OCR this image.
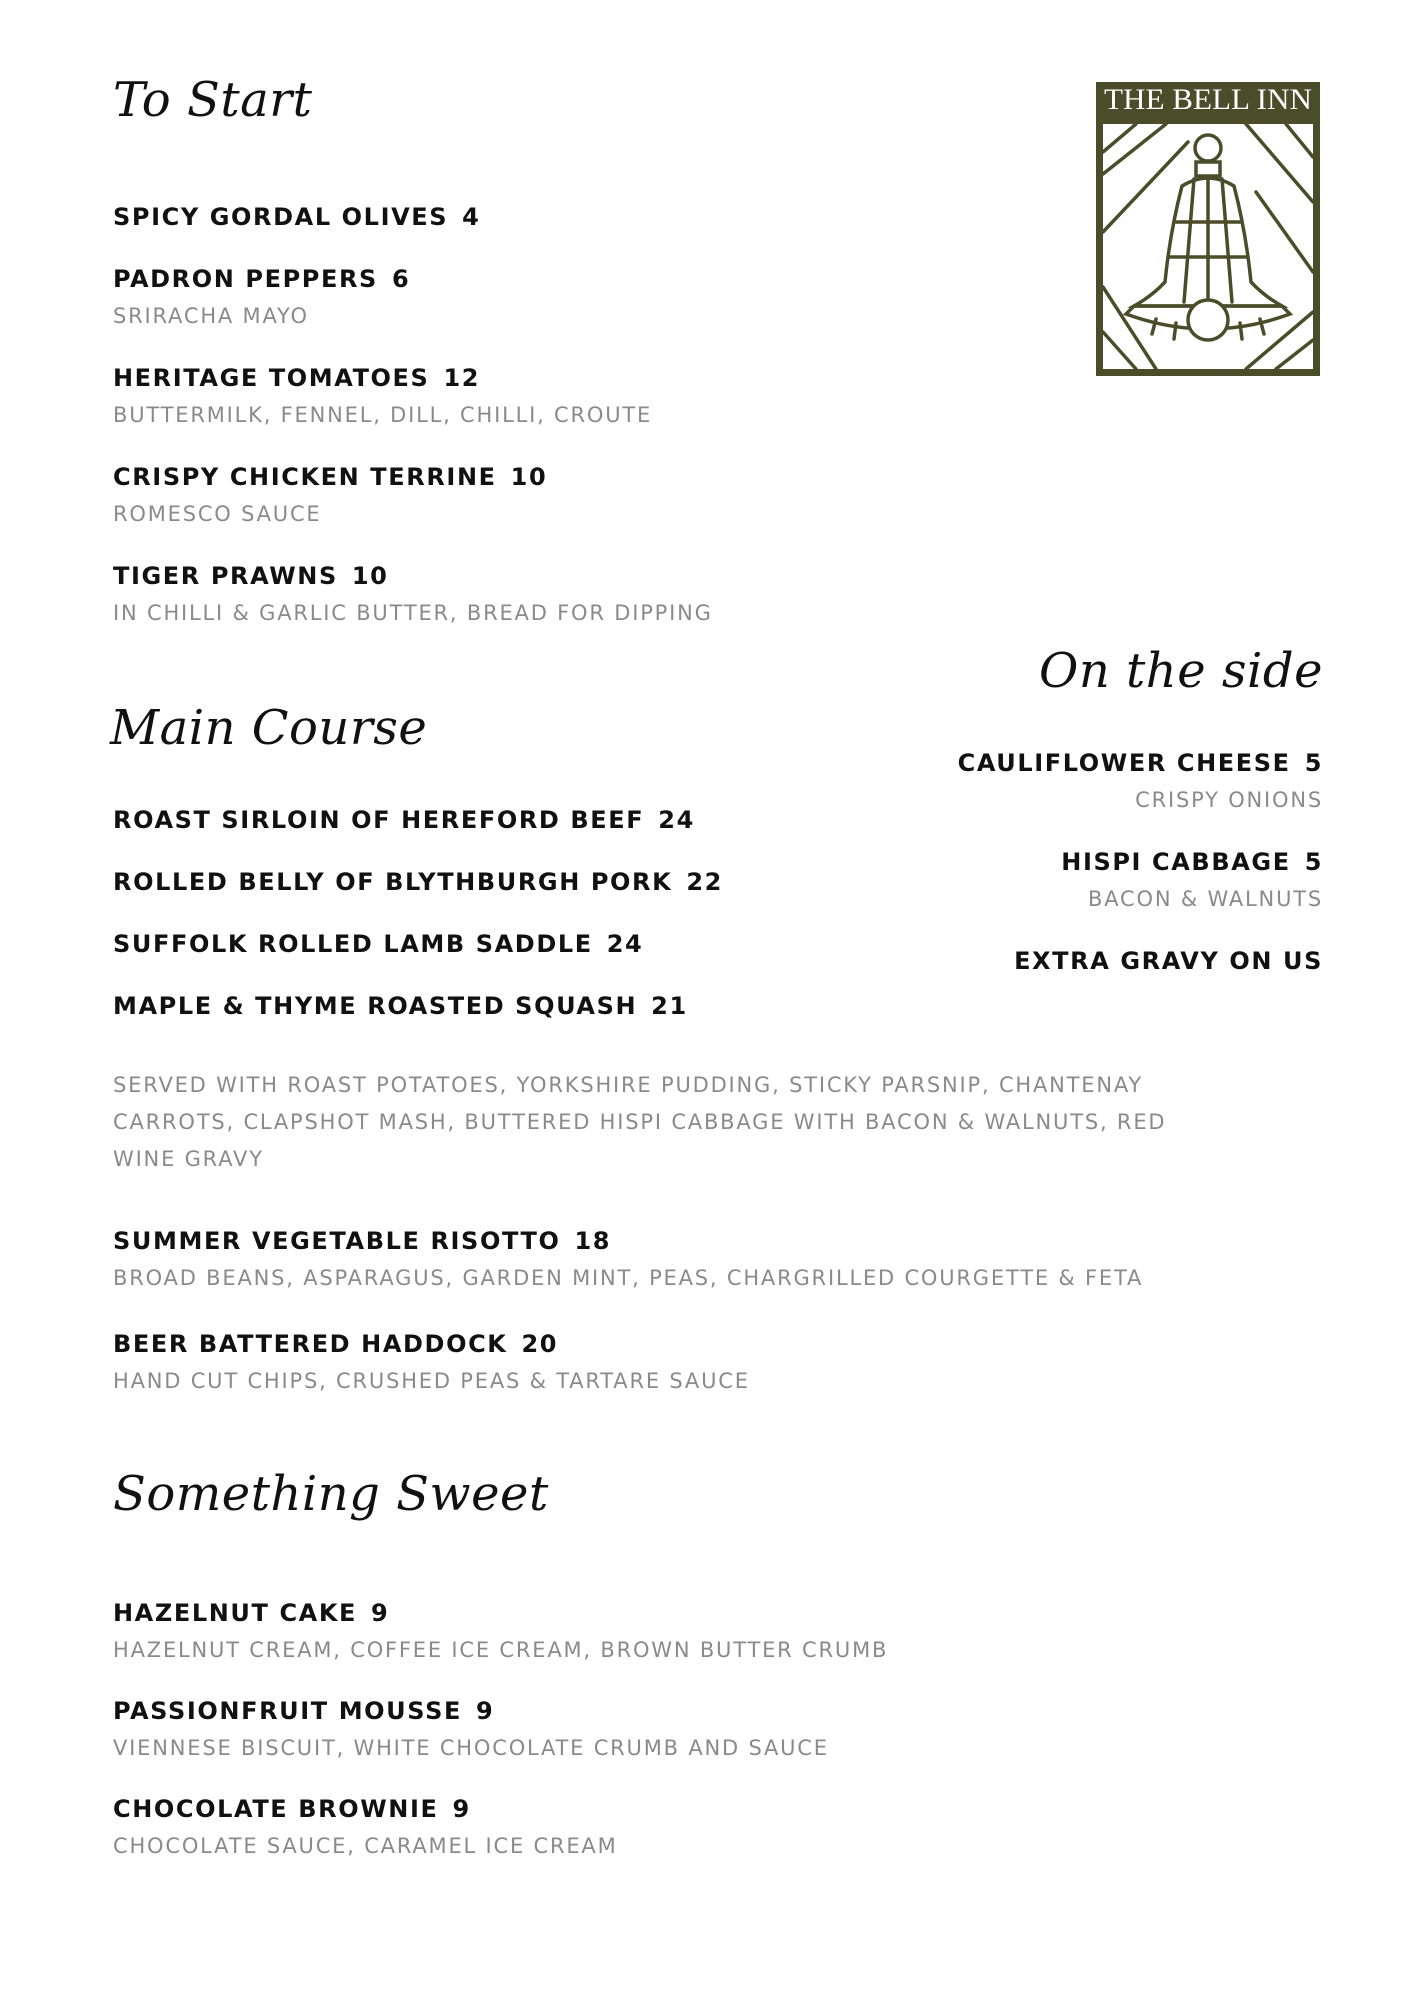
THE BELL INN
To Start
SPICY GORDAL OLIVES 4
PADRON PEPPERS 6
SRIRACHA MAYO
HERITAGE TOMATOES 12
BUTTERMILK, FENNEL, DILL, CHILLI, CROUTE
CRISPY CHICKEN TERRINE 10
ROMESCO SAUCE
TIGER PRAWNS 10
IN CHILLI & GARLIC BUTTER, BREAD FOR DIPPING
Main Course
ROAST SIRLOIN OF HEREFORD BEEF 24
ROLLED BELLY OF BLYTHBURGH PORK 22
SUFFOLK ROLLED LAMB SADDLE 24
MAPLE & THYME ROASTED SQUASH 21
SERVED WITH ROAST POTATOES, YORKSHIRE PUDDING, STICKY PARSNIP, CHANTENAY CARROTS, CLAPSHOT MASH, BUTTERED HISPI CABBAGE WITH BACON & WALNUTS, RED WINE GRAVY
SUMMER VEGETABLE RISOTTO 18
BROAD BEANS, ASPARAGUS, GARDEN MINT, PEAS, CHARGRILLED COURGETTE & FETA
BEER BATTERED HADDOCK 20
HAND CUT CHIPS, CRUSHED PEAS & TARTARE SAUCE
On the side
CAULIFLOWER CHEESE 5
CRISPY ONIONS
HISPI CABBAGE 5
BACON & WALNUTS
EXTRA GRAVY ON US
Something Sweet
HAZELNUT CAKE 9
HAZELNUT CREAM, COFFEE ICE CREAM, BROWN BUTTER CRUMB
PASSIONFRUIT MOUSSE 9
VIENNESE BISCUIT, WHITE CHOCOLATE CRUMB AND SAUCE
CHOCOLATE BROWNIE 9
CHOCOLATE SAUCE, CARAMEL ICE CREAM
